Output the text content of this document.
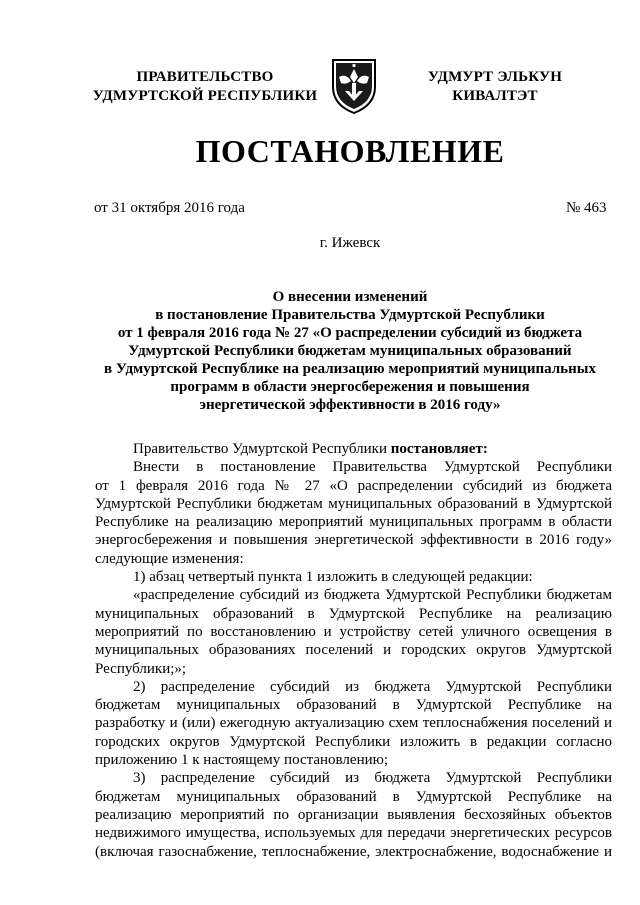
ПРАВИТЕЛЬСТВО
УДМУРТСКОЙ РЕСПУБЛИКИ
УДМУРТ ЭЛЬКУН
КИВАЛТЭТ
ПОСТАНОВЛЕНИЕ
от 31 октября 2016 года	№ 463
г. Ижевск
О внесении изменений
в постановление Правительства Удмуртской Республики
от 1 февраля 2016 года № 27 «О распределении субсидий из бюджета
Удмуртской Республики бюджетам муниципальных образований
в Удмуртской Республике на реализацию мероприятий муниципальных
программ в области энергосбережения и повышения
энергетической эффективности в 2016 году»
Правительство Удмуртской Республики постановляет:
Внести в постановление Правительства Удмуртской Республики
от 1 февраля 2016 года № 27 «О распределении субсидий из бюджета
Удмуртской Республики бюджетам муниципальных образований в Удмуртской
Республике на реализацию мероприятий муниципальных программ в области
энергосбережения и повышения энергетической эффективности в 2016 году»
следующие изменения:
1) абзац четвертый пункта 1 изложить в следующей редакции:
«распределение субсидий из бюджета Удмуртской Республики бюджетам
муниципальных образований в Удмуртской Республике на реализацию
мероприятий по восстановлению и устройству сетей уличного освещения в
муниципальных образованиях поселений и городских округов Удмуртской
Республики;»;
2) распределение субсидий из бюджета Удмуртской Республики
бюджетам муниципальных образований в Удмуртской Республике на
разработку и (или) ежегодную актуализацию схем теплоснабжения поселений и
городских округов Удмуртской Республики изложить в редакции согласно
приложению 1 к настоящему постановлению;
3) распределение субсидий из бюджета Удмуртской Республики
бюджетам муниципальных образований в Удмуртской Республике на
реализацию мероприятий по организации выявления бесхозяйных объектов
недвижимого имущества, используемых для передачи энергетических ресурсов
(включая газоснабжение, теплоснабжение, электроснабжение, водоснабжение и
